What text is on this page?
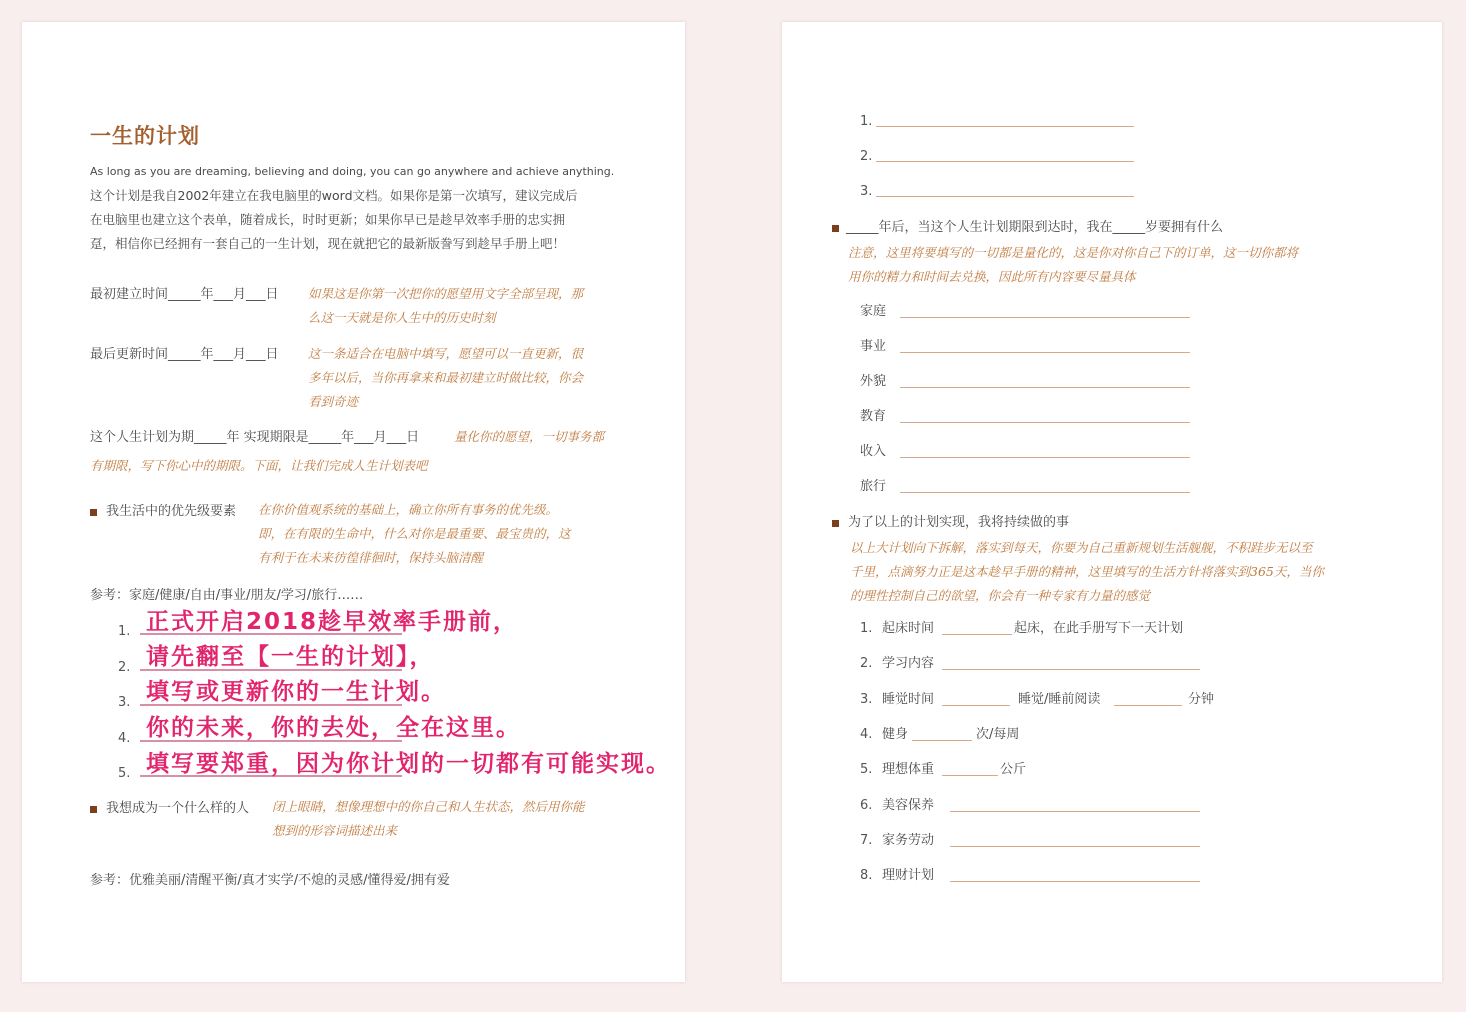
一生的计划
As long as you are dreaming, believing and doing, you can go anywhere and achieve anything.
这个计划是我自2002年建立在我电脑里的word文档。如果你是第一次填写，建议完成后
在电脑里也建立这个表单，随着成长，时时更新；如果你早已是趁早效率手册的忠实拥
趸，相信你已经拥有一套自己的一生计划，现在就把它的最新版誊写到趁早手册上吧！
最初建立时间_____年___月___日 如果这是你第一次把你的愿望用文字全部呈现，那
么这一天就是你人生中的历史时刻
最后更新时间_____年___月___日 这一条适合在电脑中填写，愿望可以一直更新，很
多年以后，当你再拿来和最初建立时做比较，你会
看到奇迹
这个人生计划为期_____年 实现期限是_____年___月___日	量化你的愿望，一切事务都
有期限，写下你心中的期限。下面，让我们完成人生计划表吧
我生活中的优先级要素 在你价值观系统的基础上，确立你所有事务的优先级。
即，在有限的生命中，什么对你是最重要、最宝贵的，这
有利于在未来彷徨徘徊时，保持头脑清醒
参考：家庭/健康/自由/事业/朋友/学习/旅行……
1.
2.
3.
4.
5.
正式开启2018趁早效率手册前，
请先翻至【一生的计划】，
填写或更新你的一生计划。
你的未来，你的去处，全在这里。
我想成为一个什么样的人 闭上眼睛，想像理想中的你自己和人生状态，然后用你能
想到的形容词描述出来
参考：优雅美丽/清醒平衡/真才实学/不熄的灵感/懂得爱/拥有爱
填写要郑重，因为你计划的一切都有可能实现。
1.
2.
3.
_____年后，当这个人生计划期限到达时，我在_____岁要拥有什么
注意，这里将要填写的一切都是量化的，这是你对你自己下的订单，这一切你都将
用你的精力和时间去兑换，因此所有内容要尽量具体
家庭
事业
外貌
教育
收入
旅行
为了以上的计划实现，我将持续做的事
以上大计划向下拆解，落实到每天，你要为自己重新规划生活舰舰，不积跬步无以至
千里，点滴努力正是这本趁早手册的精神，这里填写的生活方针将落实到365天，当你
的理性控制自己的欲望，你会有一种专家有力量的感觉
1. 起床时间	起床，在此手册写下一天计划
2. 学习内容
3. 睡觉时间	睡觉/睡前阅读	分钟
4. 健身	次/每周
5. 理想体重	公斤
6. 美容保养
7. 家务劳动
8. 理财计划
